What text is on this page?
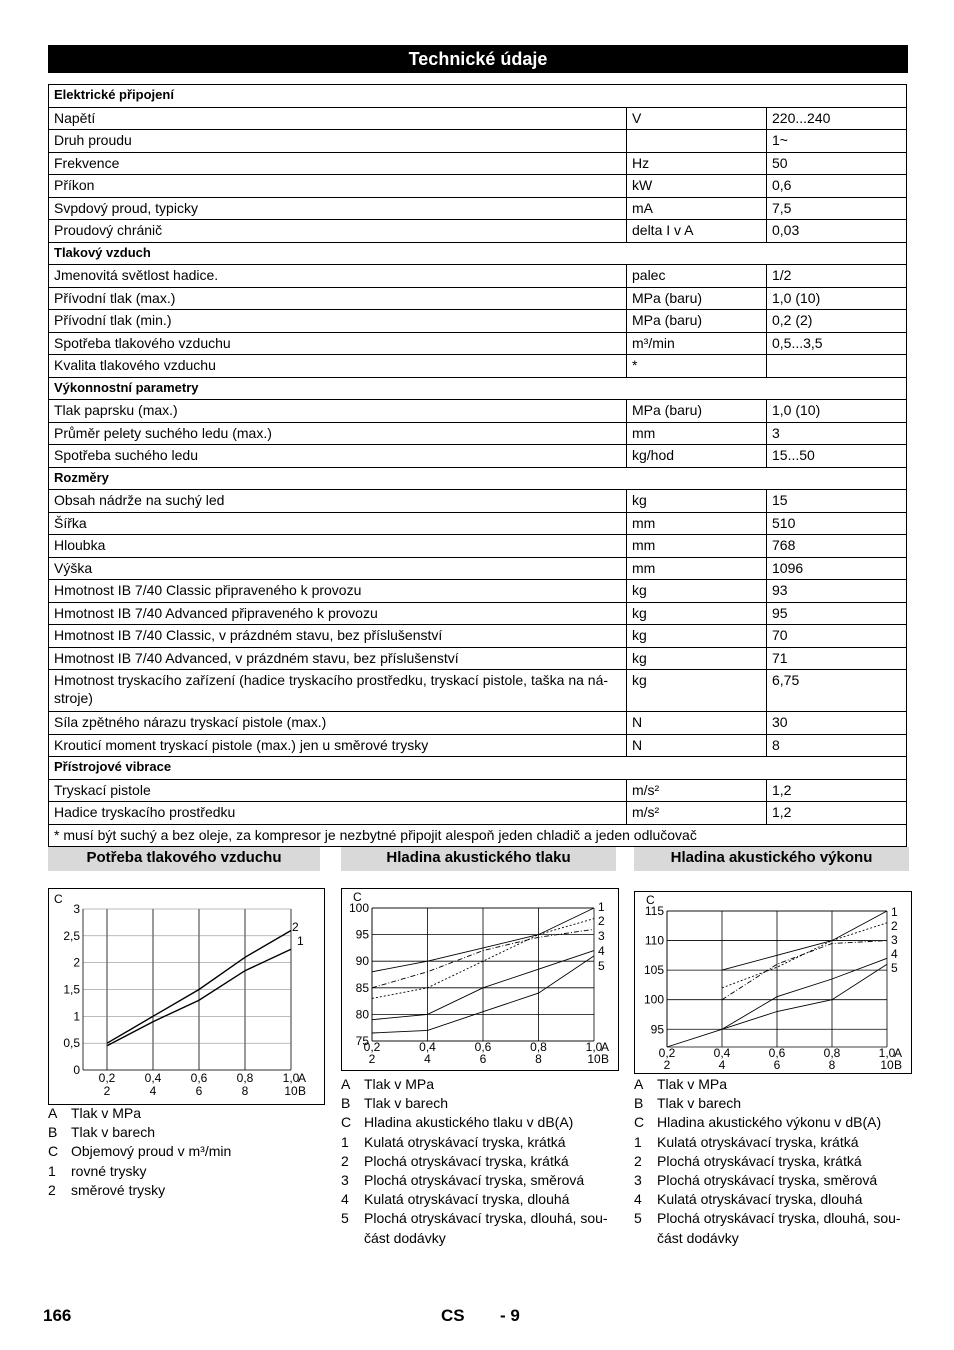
Technické údaje
Elektrické připojení		
Napětí	V	220...240
Druh proudu		1~
Frekvence	Hz	50
Příkon	kW	0,6
Svpdový proud, typicky	mA	7,5
Proudový chránič	delta I v A	0,03
Tlakový vzduch		
Jmenovitá světlost hadice.	palec	1/2
Přívodní tlak (max.)	MPa (baru)	1,0 (10)
Přívodní tlak (min.)	MPa (baru)	0,2 (2)
Spotřeba tlakového vzduchu	m³/min	0,5...3,5
Kvalita tlakového vzduchu	*	
Výkonnostní parametry		
Tlak paprsku (max.)	MPa (baru)	1,0 (10)
Průměr pelety suchého ledu (max.)	mm	3
Spotřeba suchého ledu	kg/hod	15...50
Rozměry		
Obsah nádrže na suchý led	kg	15
Šířka	mm	510
Hloubka	mm	768
Výška	mm	1096
Hmotnost IB 7/40 Classic připraveného k provozu	kg	93
Hmotnost IB 7/40 Advanced připraveného k provozu	kg	95
Hmotnost IB 7/40 Classic, v prázdném stavu, bez příslušenství	kg	70
Hmotnost IB 7/40 Advanced, v prázdném stavu, bez příslušenství	kg	71
Hmotnost tryskacího zařízení (hadice tryskacího prostředku, tryskací pistole, taška na ná-stroje)	kg	6,75
Síla zpětného nárazu tryskací pistole (max.)	N	30
Krouticí moment tryskací pistole (max.) jen u směrové trysky	N	8
Přístrojové vibrace		
Tryskací pistole	m/s²	1,2
Hadice tryskacího prostředku	m/s²	1,2
* musí být suchý a bez oleje, za kompresor je nezbytné připojit alespoň jeden chladič a jeden odlučovač		
Potřeba tlakového vzduchu	Hladina akustického tlaku	Hladina akustického výkonu
0
0,5
1
1,5
2
2,5
3
0,2 0,4 0,6 0,8 1,0
2	4	6	8	10
C
A
B
1
2
75
80
85
90
95
100
0,2	0,4	0,6	0,8	1,0
2	4	6	8	10
C
A
B
1
2
3
4
5
95
100
105
110
115
0,2	0,4	0,6	0,8	1,0
2	4	6	8	10
C
A
B
1
2
3
4
5
A Tlak v MPa
B Tlak v barech
C Objemový proud v m³/min
1	rovné trysky
2	směrové trysky
A Tlak v MPa
B Tlak v barech
C Hladina akustického tlaku v dB(A)
1	Kulatá otryskávací tryska, krátká
2	Plochá otryskávací tryska, krátká
3	Plochá otryskávací tryska, směrová
4	Kulatá otryskávací tryska, dlouhá
5	Plochá otryskávací tryska, dlouhá, sou-část dodávky
A Tlak v MPa
B Tlak v barech
C Hladina akustického výkonu v dB(A)
1	Kulatá otryskávací tryska, krátká
2	Plochá otryskávací tryska, krátká
3	Plochá otryskávací tryska, směrová
4	Kulatá otryskávací tryska, dlouhá
5	Plochá otryskávací tryska, dlouhá, sou-část dodávky
166	CS - 9
